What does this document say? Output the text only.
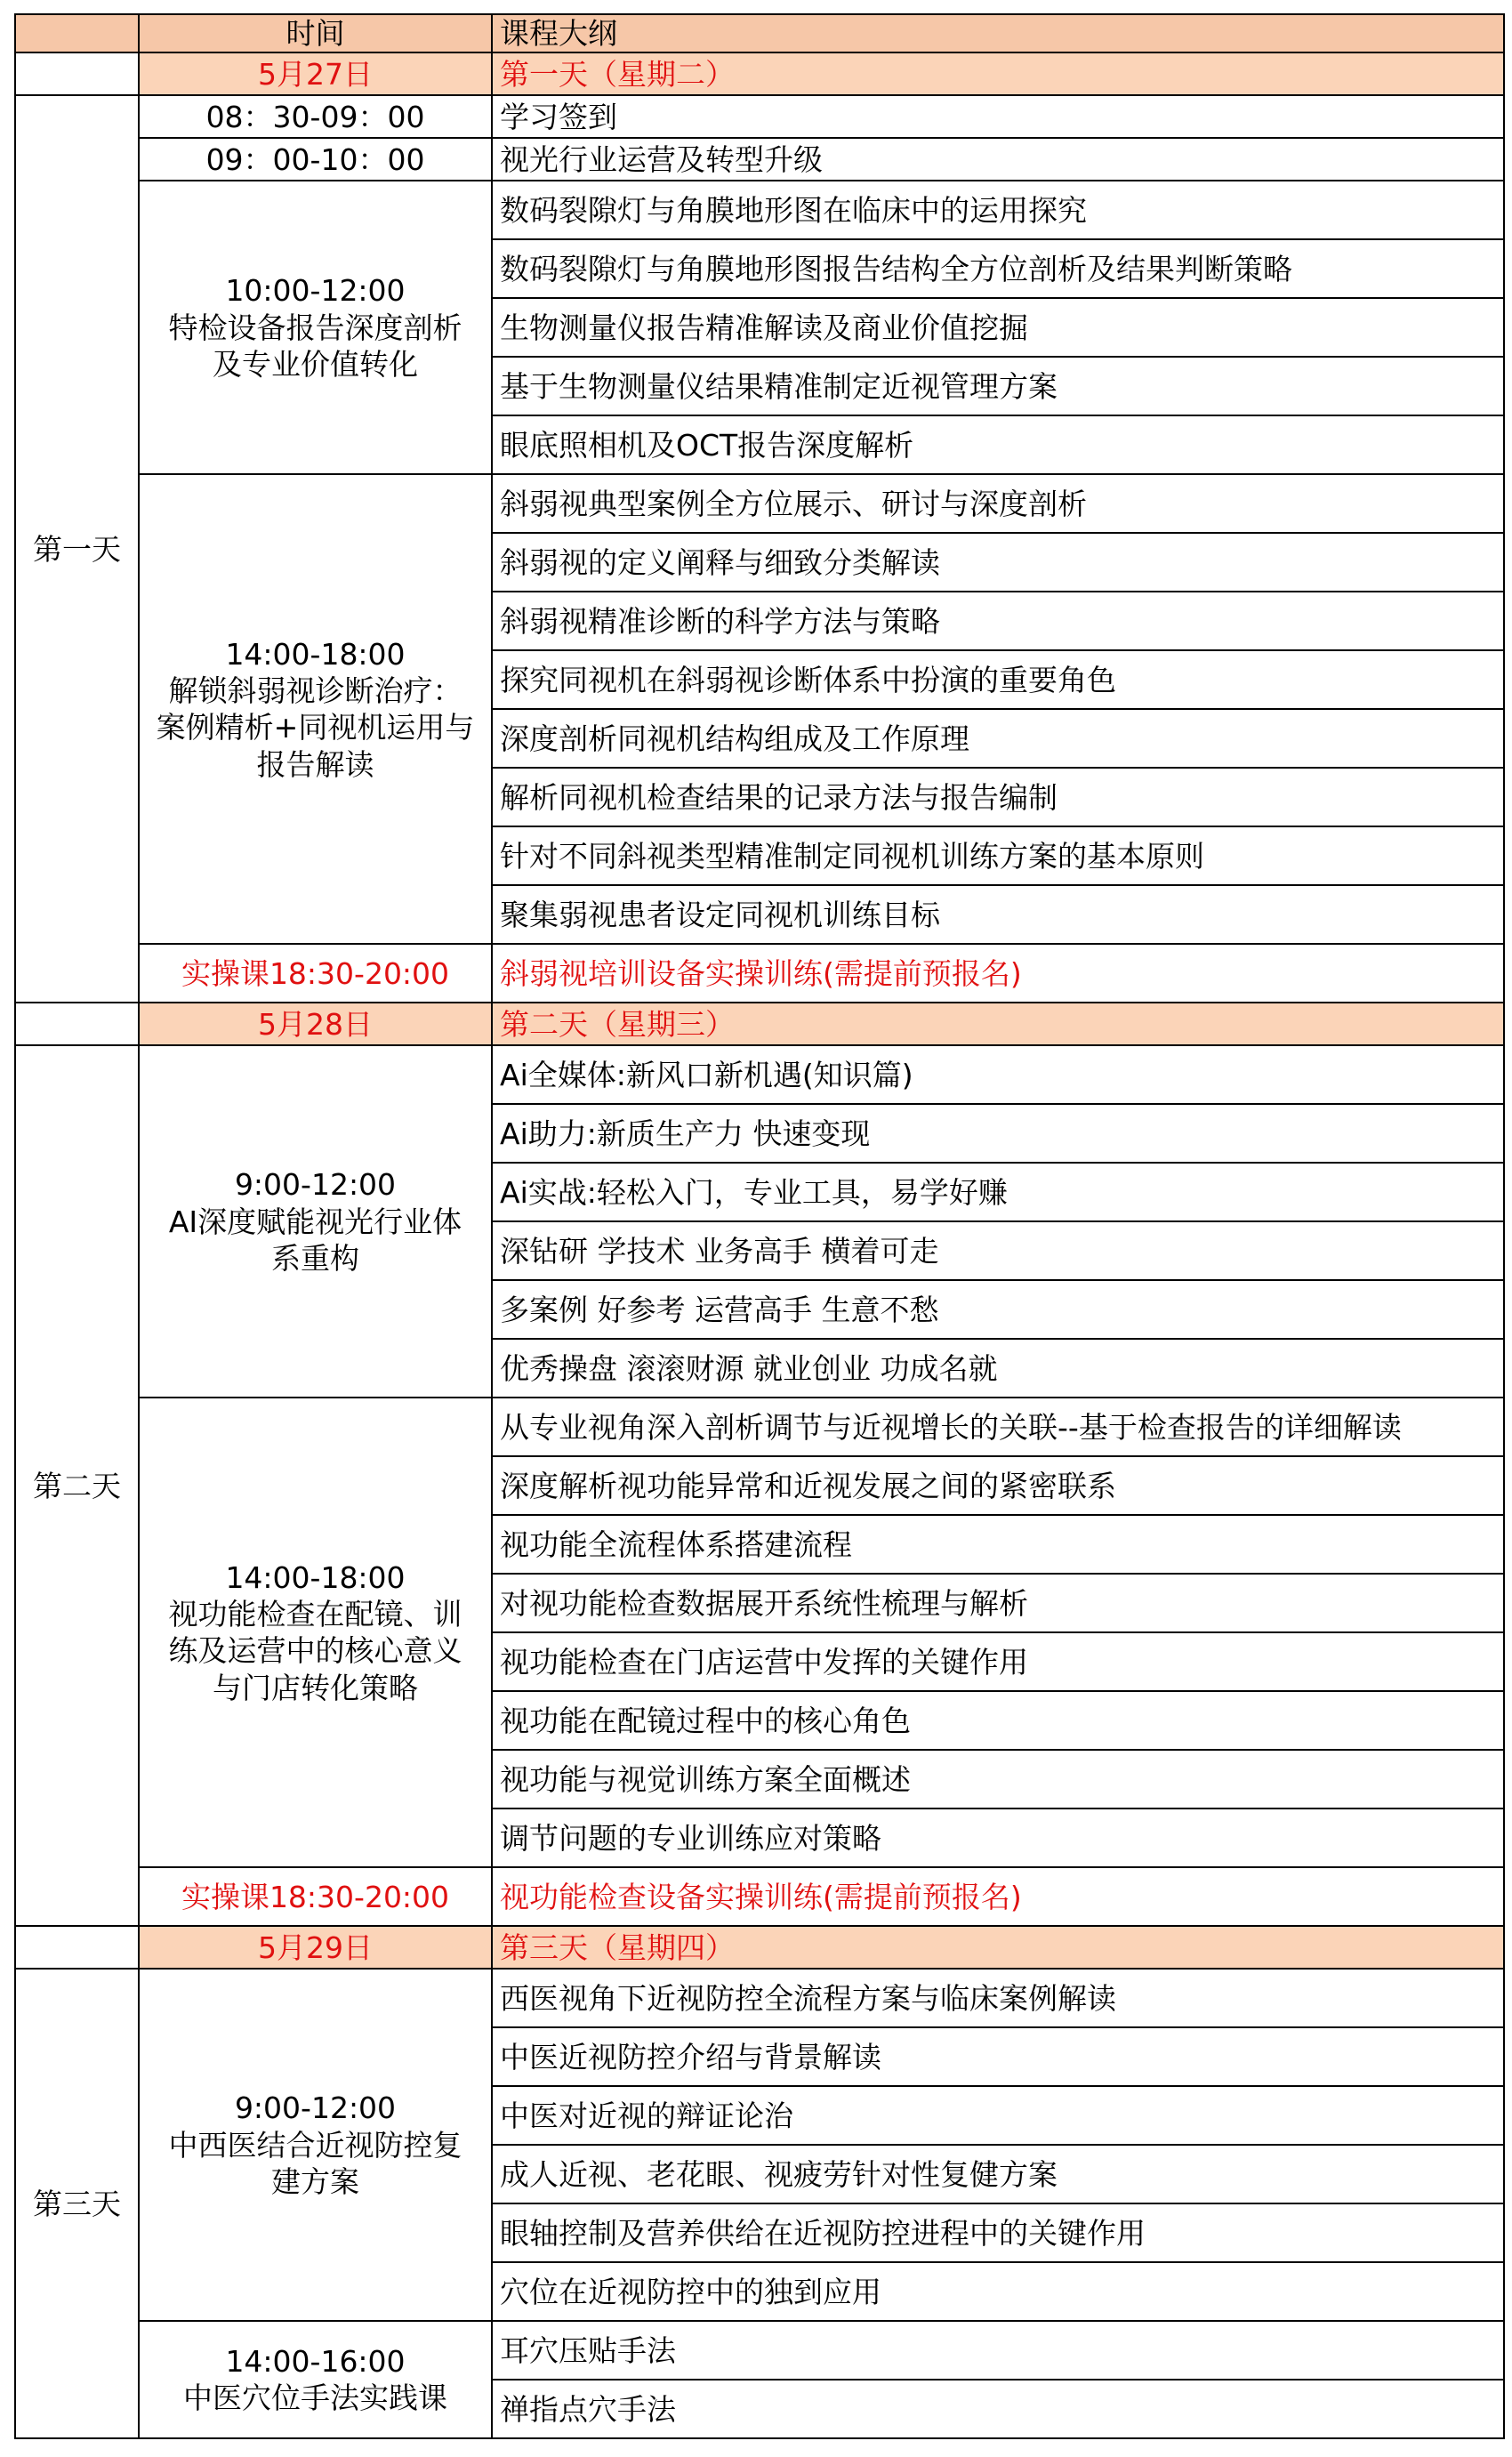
	时间	课程大纲
	5月27日	第一天（星期二）
第一天	08：30-09：00	学习签到
	09：00-10：00	视光行业运营及转型升级

	10:00-12:00
特检设备报告深度剖析
及专业价值转化	数码裂隙灯与角膜地形图在临床中的运用探究
		数码裂隙灯与角膜地形图报告结构全方位剖析及结果判断策略
		生物测量仪报告精准解读及商业价值挖掘
		基于生物测量仪结果精准制定近视管理方案
		眼底照相机及OCT报告深度解析

	14:00-18:00
解锁斜弱视诊断治疗：
案例精析+同视机运用与
报告解读	斜弱视典型案例全方位展示、研讨与深度剖析
		斜弱视的定义阐释与细致分类解读
		斜弱视精准诊断的科学方法与策略
		探究同视机在斜弱视诊断体系中扮演的重要角色
		深度剖析同视机结构组成及工作原理
		解析同视机检查结果的记录方法与报告编制
		针对不同斜视类型精准制定同视机训练方案的基本原则
		聚集弱视患者设定同视机训练目标
	实操课18:30-20:00	斜弱视培训设备实操训练(需提前预报名)
	5月28日	第二天（星期三）
第二天	9:00-12:00
AI深度赋能视光行业体
系重构	Ai全媒体:新风口新机遇(知识篇)
		Ai助力:新质生产力 快速变现
		Ai实战:轻松入门，专业工具，易学好赚
		深钻研 学技术 业务高手 横着可走
		多案例 好参考 运营高手 生意不愁
		优秀操盘 滚滚财源 就业创业 功成名就

	14:00-18:00
视功能检查在配镜、训
练及运营中的核心意义
与门店转化策略	从专业视角深入剖析调节与近视增长的关联--基于检查报告的详细解读
		深度解析视功能异常和近视发展之间的紧密联系
		视功能全流程体系搭建流程
		对视功能检查数据展开系统性梳理与解析
		视功能检查在门店运营中发挥的关键作用
		视功能在配镜过程中的核心角色
		视功能与视觉训练方案全面概述
		调节问题的专业训练应对策略
	实操课18:30-20:00	视功能检查设备实操训练(需提前预报名)
	5月29日	第三天（星期四）
第三天	9:00-12:00
中西医结合近视防控复
建方案	西医视角下近视防控全流程方案与临床案例解读
		中医近视防控介绍与背景解读
		中医对近视的辩证论治
		成人近视、老花眼、视疲劳针对性复健方案
		眼轴控制及营养供给在近视防控进程中的关键作用
		穴位在近视防控中的独到应用

	14:00-16:00
中医穴位手法实践课	耳穴压贴手法
		禅指点穴手法
